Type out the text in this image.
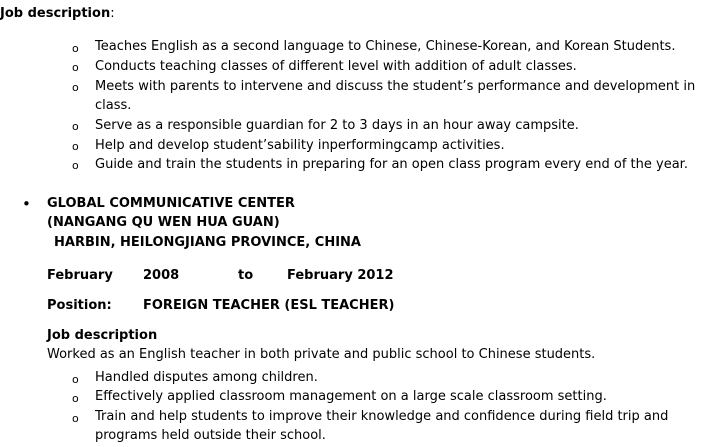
Job description:
o Teaches English as a second language to Chinese, Chinese-Korean, and Korean Students.
o Conducts teaching classes of different level with addition of adult classes.
o Meets with parents to intervene and discuss the student’s performance and development in class.
o Serve as a responsible guardian for 2 to 3 days in an hour away campsite.
o Help and develop student’sability inperformingcamp activities.
o Guide and train the students in preparing for an open class program every end of the year.
• GLOBAL COMMUNICATIVE CENTER
(NANGANG QU WEN HUA GUAN)
HARBIN, HEILONGJIANG PROVINCE, CHINA
February 2008	to	February 2012
Position: FOREIGN TEACHER (ESL TEACHER)
Job description
Worked as an English teacher in both private and public school to Chinese students.
o Handled disputes among children.
o Effectively applied classroom management on a large scale classroom setting.
o Train and help students to improve their knowledge and confidence during field trip and programs held outside their school.
